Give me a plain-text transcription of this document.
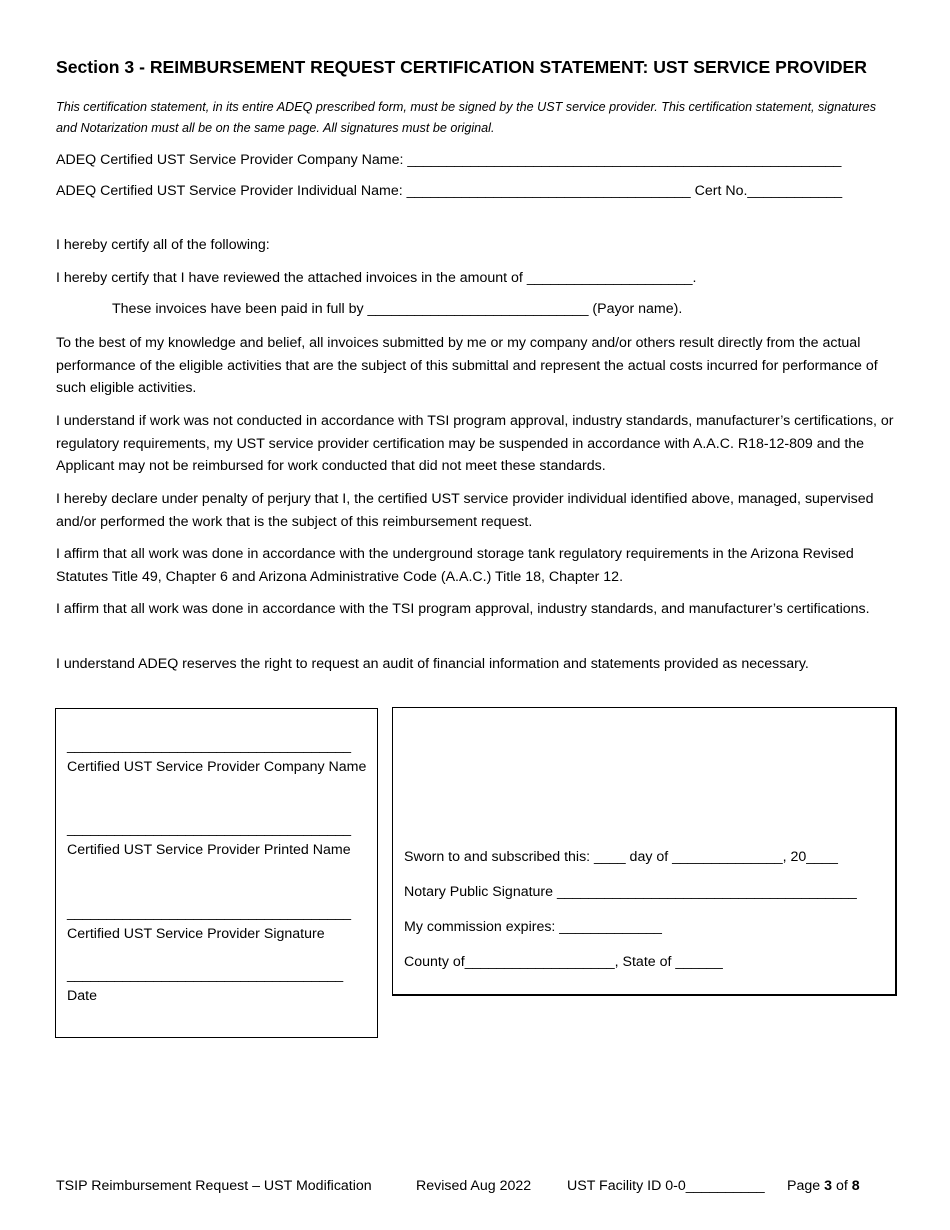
Section 3 - REIMBURSEMENT REQUEST CERTIFICATION STATEMENT: UST SERVICE PROVIDER
This certification statement, in its entire ADEQ prescribed form, must be signed by the UST service provider. This certification statement, signatures and Notarization must all be on the same page. All signatures must be original.
ADEQ Certified UST Service Provider Company Name: _______________________________________________________
ADEQ Certified UST Service Provider Individual Name: ____________________________________ Cert No.____________
I hereby certify all of the following:
I hereby certify that I have reviewed the attached invoices in the amount of _____________________.
These invoices have been paid in full by ____________________________ (Payor name).
To the best of my knowledge and belief, all invoices submitted by me or my company and/or others result directly from the actual performance of the eligible activities that are the subject of this submittal and represent the actual costs incurred for performance of such eligible activities.
I understand if work was not conducted in accordance with TSI program approval, industry standards, manufacturer’s certifications, or regulatory requirements, my UST service provider certification may be suspended in accordance with A.A.C. R18-12-809 and the Applicant may not be reimbursed for work conducted that did not meet these standards.
I hereby declare under penalty of perjury that I, the certified UST service provider individual identified above, managed, supervised and/or performed the work that is the subject of this reimbursement request.
I affirm that all work was done in accordance with the underground storage tank regulatory requirements in the Arizona Revised Statutes Title 49, Chapter 6 and Arizona Administrative Code (A.A.C.) Title 18, Chapter 12.
I affirm that all work was done in accordance with the TSI program approval, industry standards, and manufacturer’s certifications.
I understand ADEQ reserves the right to request an audit of financial information and statements provided as necessary.
____________________________________
Certified UST Service Provider Company Name
____________________________________
Certified UST Service Provider Printed Name
____________________________________
Certified UST Service Provider Signature
___________________________________
Date
Sworn to and subscribed this: ____ day of ______________, 20____
Notary Public Signature ______________________________________
My commission expires: _____________
County of___________________, State of ______
TSIP Reimbursement Request – UST Modification	Revised Aug 2022	UST Facility ID 0-0__________ Page 3 of 8
